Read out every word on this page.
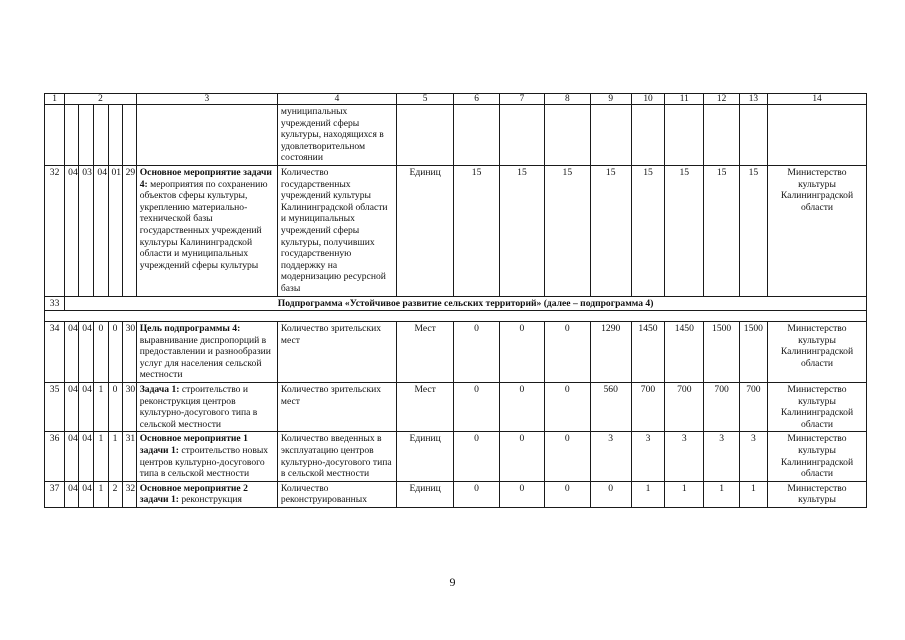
1	2					3	4	5	6	7	8	9	10	11	12	13	14
							муниципальных учреждений сферы культуры, находящихся в удовлетворительном состоянии										
32	04	03	04	01	29	Основное мероприятие задачи 4: мероприятия по сохранению объектов сферы культуры, укреплению материально-технической базы государственных учреждений культуры Калининградской области и муниципальных учреждений сферы культуры	Количество государственных учреждений культуры Калининградской области и муниципальных учреждений сферы культуры, получивших государственную поддержку на модернизацию ресурсной базы	Единиц	15	15	15	15	15	15	15	15	Министерство культуры Калининградской области
33	Подпрограмма «Устойчивое развитие сельских территорий» (далее – подпрограмма 4)																

34	04	04	0	0	30	Цель подпрограммы 4: выравнивание диспропорций в предоставлении и разнообразии услуг для населения сельской местности	Количество зрительских мест	Мест	0	0	0	1290	1450	1450	1500	1500	Министерство культуры Калининградской области
35	04	04	1	0	30	Задача 1: строительство и реконструкция центров культурно-досугового типа в сельской местности	Количество зрительских мест	Мест	0	0	0	560	700	700	700	700	Министерство культуры Калининградской области
36	04	04	1	1	31	Основное мероприятие 1 задачи 1: строительство новых центров культурно-досугового типа в сельской местности	Количество введенных в эксплуатацию центров культурно-досугового типа в сельской местности	Единиц	0	0	0	3	3	3	3	3	Министерство культуры Калининградской области
37	04	04	1	2	32	Основное мероприятие 2 задачи 1: реконструкция	Количество реконструированных	Единиц	0	0	0	0	1	1	1	1	Министерство культуры
9
